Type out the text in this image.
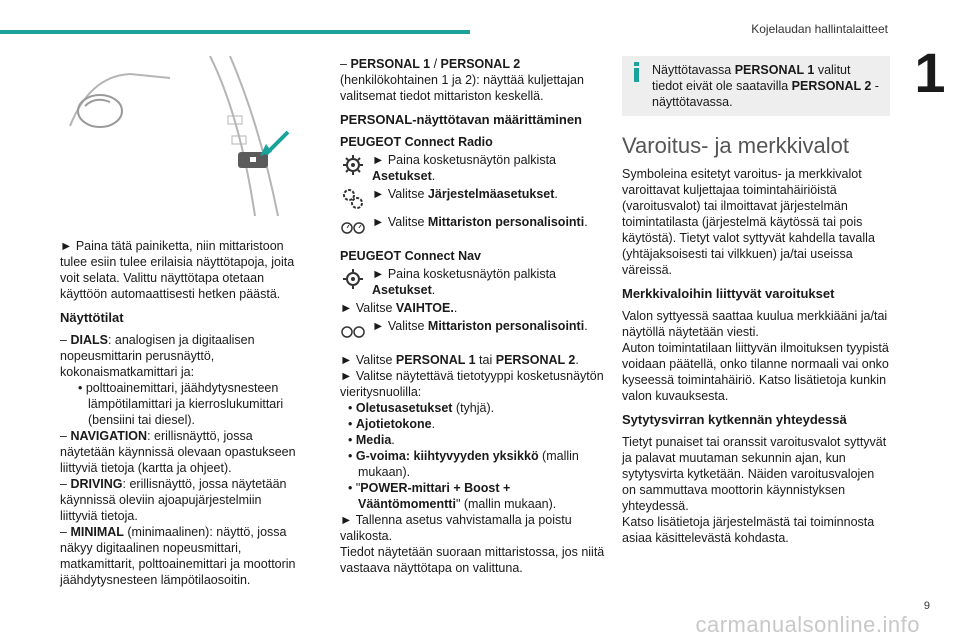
Kojelaudan hallintalaitteet
1

► Paina tätä painiketta, niin mittaristoon tulee esiin tulee erilaisia näyttötapoja, joita voit selata. Valittu näyttötapa otetaan käyttöön automaattisesti hetken päästä.

Näyttötilat

– DIALS: analogisen ja digitaalisen nopeusmittarin perusnäyttö, kokonaismatkamittari ja:

• polttoainemittari, jäähdytysnesteen lämpötilamittari ja kierroslukumittari (bensiini tai diesel).

– NAVIGATION: erillisnäyttö, jossa näytetään käynnissä olevaan opastukseen liittyviä tietoja (kartta ja ohjeet).

– DRIVING: erillisnäyttö, jossa näytetään käynnissä oleviin ajoapujärjestelmiin liittyviä tietoja.

– MINIMAL (minimaalinen): näyttö, jossa näkyy digitaalinen nopeusmittari, matkamittarit, polttoainemittari ja moottorin jäähdytysnesteen lämpötilaosoitin.

– PERSONAL 1 / PERSONAL 2
(henkilökohtainen 1 ja 2): näyttää kuljettajan valitsemat tiedot mittariston keskellä.

PERSONAL-näyttötavan määrittäminen
PEUGEOT Connect Radio
► Paina kosketusnäytön palkista Asetukset.
► Valitse Järjestelmäasetukset.
► Valitse Mittariston personalisointi.
PEUGEOT Connect Nav
► Paina kosketusnäytön palkista Asetukset.
► Valitse VAIHTOE..
► Valitse Mittariston personalisointi.

► Valitse PERSONAL 1 tai PERSONAL 2.

► Valitse näytettävä tietotyyppi kosketusnäytön vieritysnuolilla:

• Oletusasetukset (tyhjä).

• Ajotietokone.

• Media.

• G-voima: kiihtyvyyden yksikkö (mallin mukaan).

• "POWER-mittari + Boost + Vääntömomentti" (mallin mukaan).

► Tallenna asetus vahvistamalla ja poistu valikosta.

Tiedot näytetään suoraan mittaristossa, jos niitä vastaava näyttötapa on valittuna.

Näyttötavassa PERSONAL 1 valitut tiedot eivät ole saatavilla PERSONAL 2 -näyttötavassa.
Varoitus- ja merkkivalot

Symboleina esitetyt varoitus- ja merkkivalot varoittavat kuljettajaa toimintahäiriöistä (varoitusvalot) tai ilmoittavat järjestelmän toimintatilasta (järjestelmä käytössä tai pois käytöstä). Tietyt valot syttyvät kahdella tavalla (yhtäjaksoisesti tai vilkkuen) ja/tai useissa väreissä.

Merkkivaloihin liittyvät varoitukset

Valon syttyessä saattaa kuulua merkkiääni ja/tai näytöllä näytetään viesti.

Auton toimintatilaan liittyvän ilmoituksen tyypistä voidaan päätellä, onko tilanne normaali vai onko kyseessä toimintahäiriö. Katso lisätietoja kunkin valon kuvauksesta.

Sytytysvirran kytkennän yhteydessä

Tietyt punaiset tai oranssit varoitusvalot syttyvät ja palavat muutaman sekunnin ajan, kun sytytysvirta kytketään. Näiden varoitusvalojen on sammuttava moottorin käynnistyksen yhteydessä.

Katso lisätietoja järjestelmästä tai toiminnosta asiaa käsittelevästä kohdasta.

9
carmanualsonline.info
